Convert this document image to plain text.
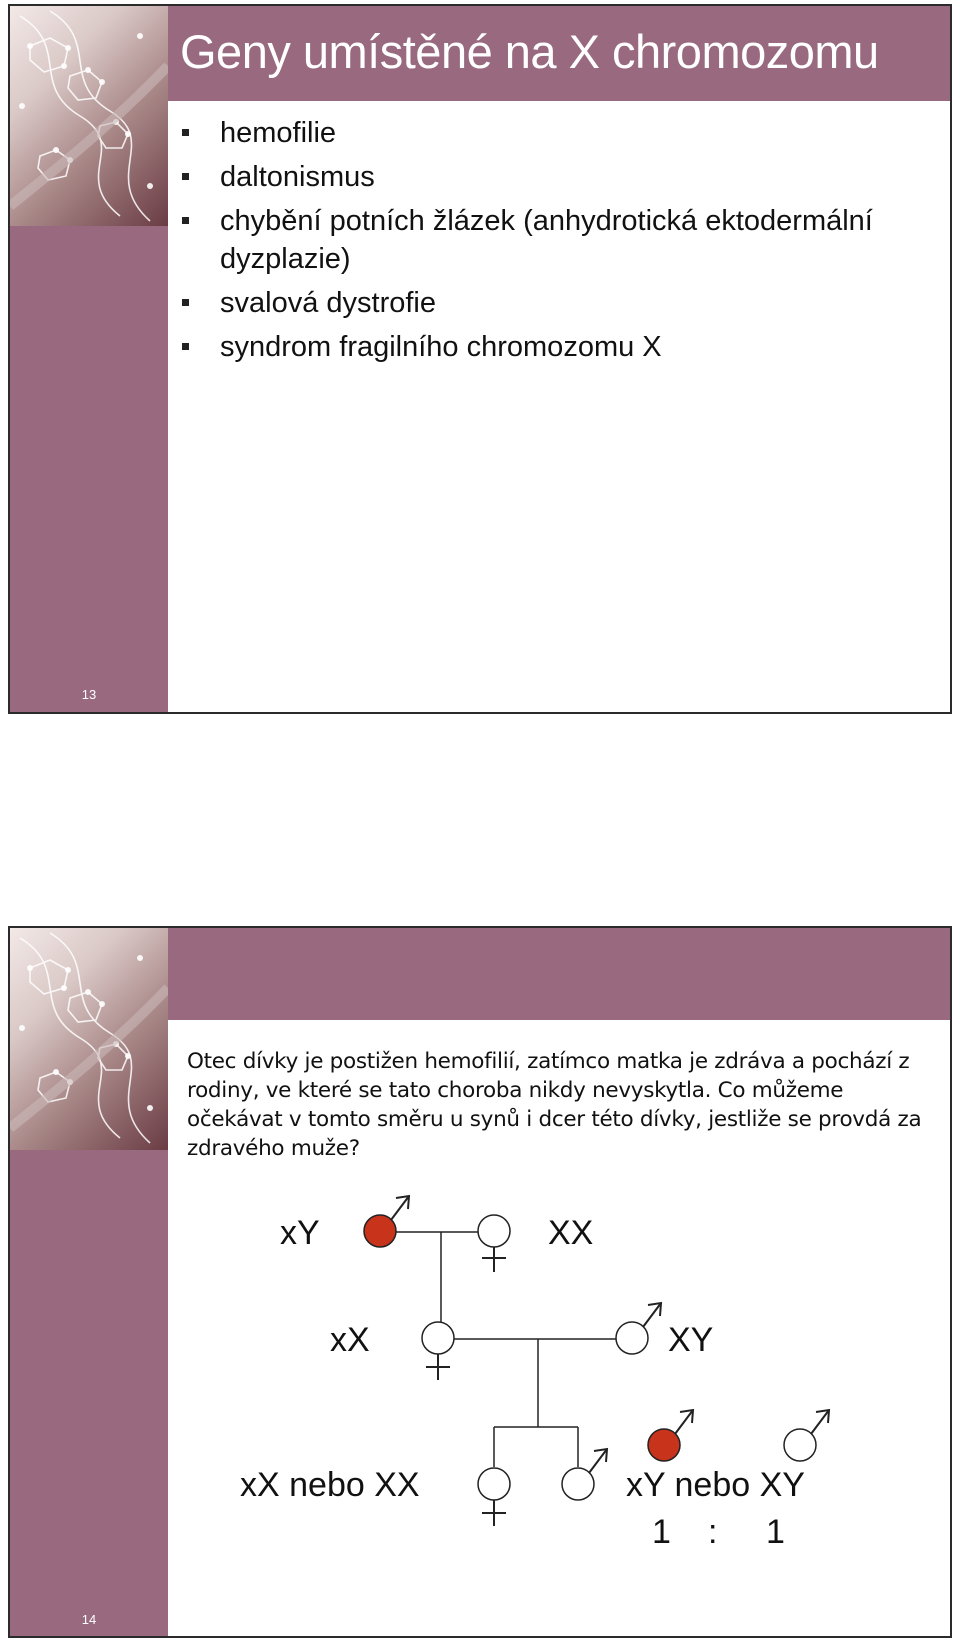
Geny umístěné na X chromozomu
hemofilie
daltonismus
chybění potních žlázek (anhydrotická ektodermální dyzplazie)
svalová dystrofie
syndrom fragilního chromozomu X
13

Otec dívky je postižen hemofilií, zatímco matka je zdráva a pochází z rodiny, ve které se tato choroba nikdy nevyskytla. Co můžeme očekávat v tomto směru u synů i dcer této dívky, jestliže se provdá za zdravého muže?

xY	XX
xX	XY
xX nebo XX	xY nebo XY
1 : 1
14
